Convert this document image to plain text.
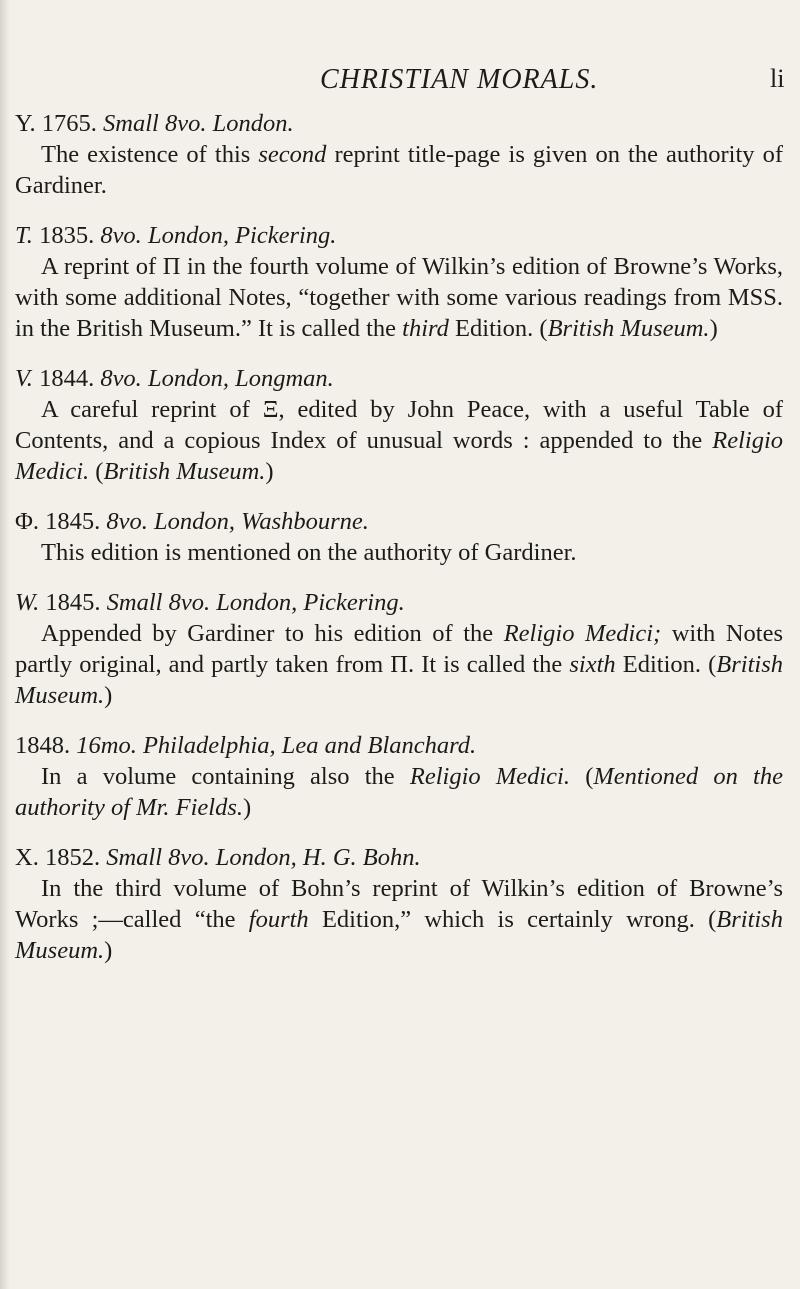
CHRISTIAN MORALS.	li
Y. 1765. Small 8vo. London.

The existence of this second reprint title-page is given on the authority of Gardiner.

T. 1835. 8vo. London, Pickering.

A reprint of Π in the fourth volume of Wilkin’s edition of Browne’s Works, with some additional Notes, “together with some various readings from MSS. in the British Museum.” It is called the third Edition. (British Museum.)

V. 1844. 8vo. London, Longman.

A careful reprint of Ξ, edited by John Peace, with a useful Table of Contents, and a copious Index of unusual words : appended to the Religio Medici. (British Museum.)

Φ. 1845. 8vo. London, Washbourne.

This edition is mentioned on the authority of Gardiner.

W. 1845. Small 8vo. London, Pickering.

Appended by Gardiner to his edition of the Religio Medici; with Notes partly original, and partly taken from Π. It is called the sixth Edition. (British Museum.)

1848. 16mo. Philadelphia, Lea and Blanchard.

In a volume containing also the Religio Medici. (Mentioned on the authority of Mr. Fields.)

X. 1852. Small 8vo. London, H. G. Bohn.

In the third volume of Bohn’s reprint of Wilkin’s edition of Browne’s Works ;—called “the fourth Edition,” which is certainly wrong. (British Museum.)
